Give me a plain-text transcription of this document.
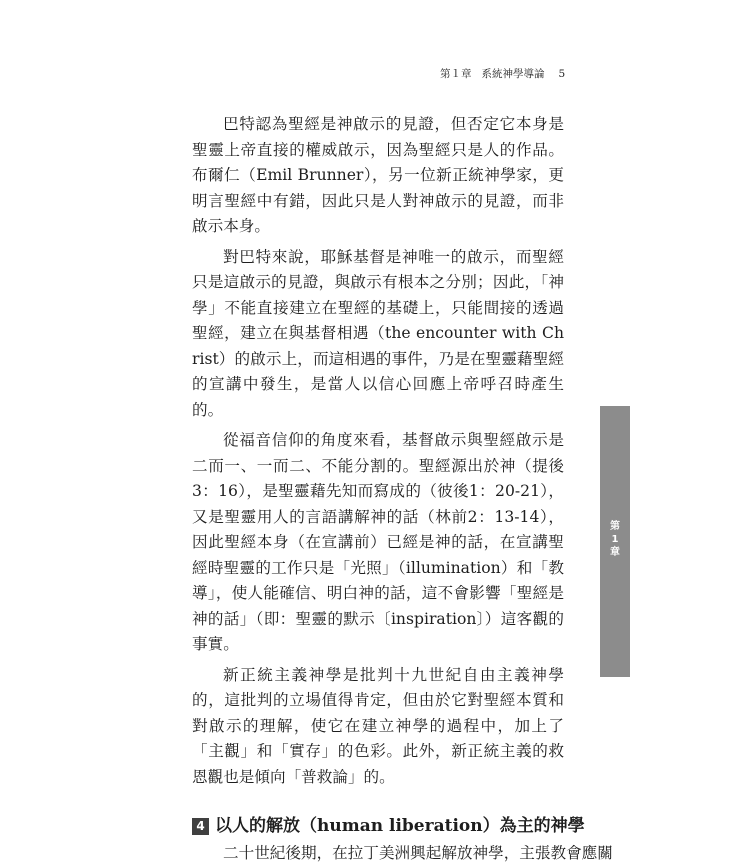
第１章 系統神學導論 5

巴特認為聖經是神啟示的見證，但否定它本身是聖靈上帝直接的權威啟示，因為聖經只是人的作品。布爾仁（Emil Brunner），另一位新正統神學家，更明言聖經中有錯，因此只是人對神啟示的見證，而非啟示本身。

對巴特來說，耶穌基督是神唯一的啟示，而聖經只是這啟示的見證，與啟示有根本之分別；因此，「神學」不能直接建立在聖經的基礎上，只能間接的透過聖經，建立在與基督相遇（the encounter with Christ）的啟示上，而這相遇的事件，乃是在聖靈藉聖經的宣講中發生，是當人以信心回應上帝呼召時產生的。

從福音信仰的角度來看，基督啟示與聖經啟示是二而一、一而二、不能分割的。聖經源出於神（提後3：16），是聖靈藉先知而寫成的（彼後1：20-21），又是聖靈用人的言語講解神的話（林前2：13-14），因此聖經本身（在宣講前）已經是神的話，在宣講聖經時聖靈的工作只是「光照」（illumination）和「教導」，使人能確信、明白神的話，這不會影響「聖經是神的話」（即：聖靈的默示〔inspiration〕）這客觀的事實。

新正統主義神學是批判十九世紀自由主義神學的，這批判的立場值得肯定，但由於它對聖經本質和對啟示的理解，使它在建立神學的過程中，加上了「主觀」和「實存」的色彩。此外，新正統主義的救恩觀也是傾向「普救論」的。

4 以人的解放（human liberation）為主的神學

二十世紀後期，在拉丁美洲興起解放神學，主張教會應關

第
1
章
